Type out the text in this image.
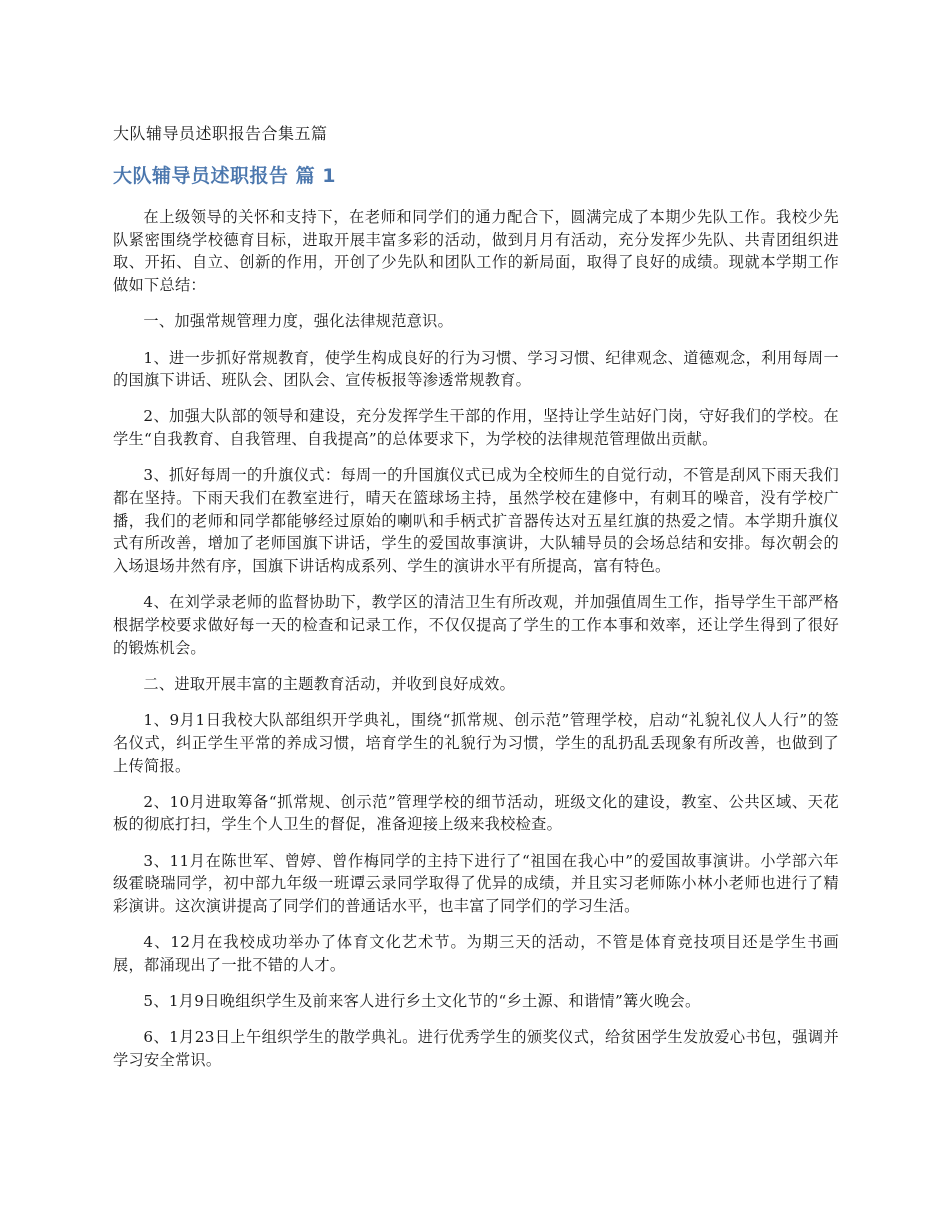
大队辅导员述职报告合集五篇
大队辅导员述职报告 篇 1

在上级领导的关怀和支持下，在老师和同学们的通力配合下，圆满完成了本期少先队工作。我校少先队紧密围绕学校德育目标，进取开展丰富多彩的活动，做到月月有活动，充分发挥少先队、共青团组织进取、开拓、自立、创新的作用，开创了少先队和团队工作的新局面，取得了良好的成绩。现就本学期工作做如下总结：

一、加强常规管理力度，强化法律规范意识。

1、进一步抓好常规教育，使学生构成良好的行为习惯、学习习惯、纪律观念、道德观念，利用每周一的国旗下讲话、班队会、团队会、宣传板报等渗透常规教育。

2、加强大队部的领导和建设，充分发挥学生干部的作用，坚持让学生站好门岗，守好我们的学校。在学生“自我教育、自我管理、自我提高”的总体要求下，为学校的法律规范管理做出贡献。

3、抓好每周一的升旗仪式：每周一的升国旗仪式已成为全校师生的自觉行动，不管是刮风下雨天我们都在坚持。下雨天我们在教室进行，晴天在篮球场主持，虽然学校在建修中，有刺耳的噪音，没有学校广播，我们的老师和同学都能够经过原始的喇叭和手柄式扩音器传达对五星红旗的热爱之情。本学期升旗仪式有所改善，增加了老师国旗下讲话，学生的爱国故事演讲，大队辅导员的会场总结和安排。每次朝会的入场退场井然有序，国旗下讲话构成系列、学生的演讲水平有所提高，富有特色。

4、在刘学录老师的监督协助下，教学区的清洁卫生有所改观，并加强值周生工作，指导学生干部严格根据学校要求做好每一天的检查和记录工作，不仅仅提高了学生的工作本事和效率，还让学生得到了很好的锻炼机会。

二、进取开展丰富的主题教育活动，并收到良好成效。

1、9月1日我校大队部组织开学典礼，围绕“抓常规、创示范”管理学校，启动“礼貌礼仪人人行”的签名仪式，纠正学生平常的养成习惯，培育学生的礼貌行为习惯，学生的乱扔乱丢现象有所改善，也做到了上传简报。

2、10月进取筹备“抓常规、创示范”管理学校的细节活动，班级文化的建设，教室、公共区域、天花板的彻底打扫，学生个人卫生的督促，准备迎接上级来我校检查。

3、11月在陈世军、曾婷、曾作梅同学的主持下进行了“祖国在我心中”的爱国故事演讲。小学部六年级霍晓瑞同学，初中部九年级一班谭云录同学取得了优异的成绩，并且实习老师陈小林小老师也进行了精彩演讲。这次演讲提高了同学们的普通话水平，也丰富了同学们的学习生活。

4、12月在我校成功举办了体育文化艺术节。为期三天的活动，不管是体育竞技项目还是学生书画展，都涌现出了一批不错的人才。

5、1月9日晚组织学生及前来客人进行乡土文化节的“乡土源、和谐情”篝火晚会。

6、1月23日上午组织学生的散学典礼。进行优秀学生的颁奖仪式，给贫困学生发放爱心书包，强调并学习安全常识。
